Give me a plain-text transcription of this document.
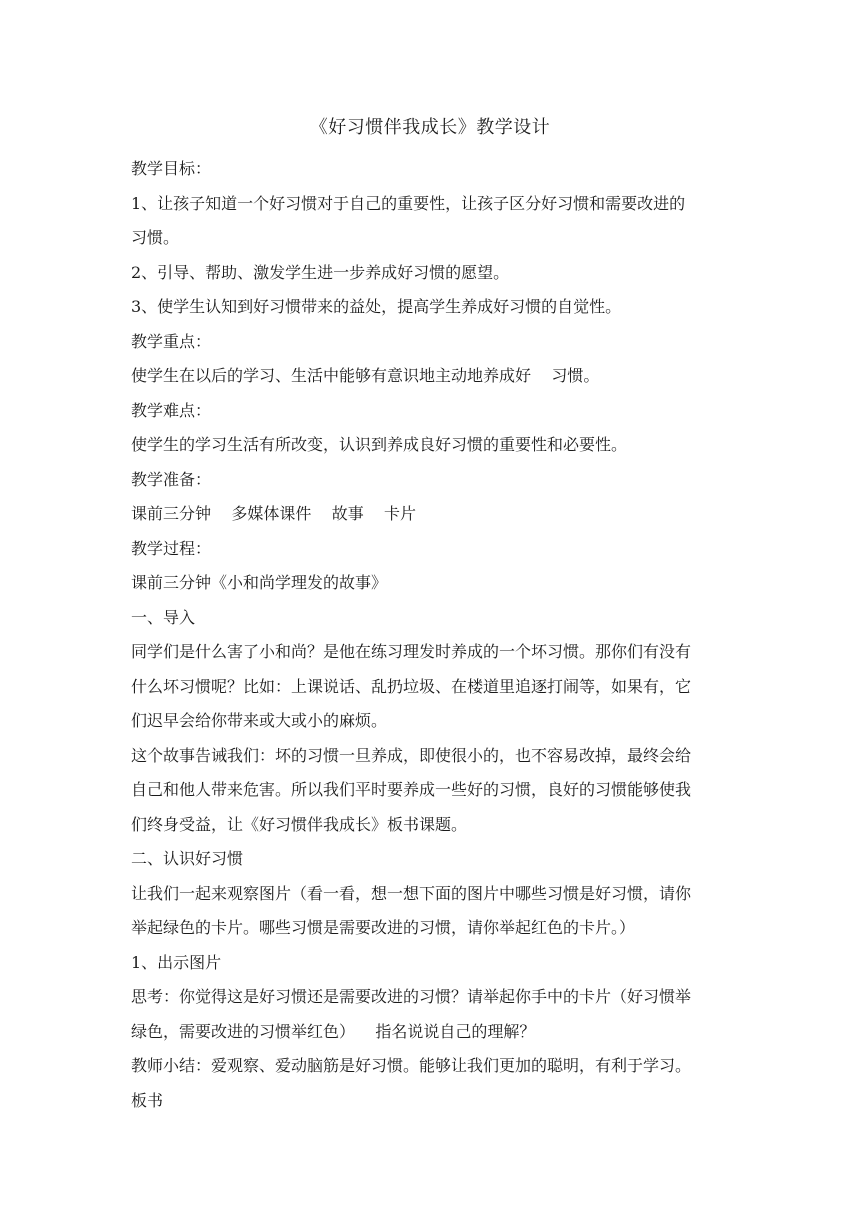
《好习惯伴我成长》教学设计

教学目标：

1、让孩子知道一个好习惯对于自己的重要性，让孩子区分好习惯和需要改进的

习惯。

2、引导、帮助、激发学生进一步养成好习惯的愿望。

3、使学生认知到好习惯带来的益处，提高学生养成好习惯的自觉性。

教学重点：

使学生在以后的学习、生活中能够有意识地主动地养成好    习惯。

教学难点：

使学生的学习生活有所改变，认识到养成良好习惯的重要性和必要性。

教学准备：

课前三分钟    多媒体课件    故事    卡片

教学过程：

课前三分钟《小和尚学理发的故事》

一、导入

同学们是什么害了小和尚？是他在练习理发时养成的一个坏习惯。那你们有没有

什么坏习惯呢？比如：上课说话、乱扔垃圾、在楼道里追逐打闹等，如果有，它

们迟早会给你带来或大或小的麻烦。

这个故事告诫我们：坏的习惯一旦养成，即使很小的，也不容易改掉，最终会给

自己和他人带来危害。所以我们平时要养成一些好的习惯，良好的习惯能够使我

们终身受益，让《好习惯伴我成长》板书课题。

二、认识好习惯

让我们一起来观察图片（看一看，想一想下面的图片中哪些习惯是好习惯，请你

举起绿色的卡片。哪些习惯是需要改进的习惯，请你举起红色的卡片。）

1、出示图片

思考：你觉得这是好习惯还是需要改进的习惯？请举起你手中的卡片（好习惯举

绿色，需要改进的习惯举红色）    指名说说自己的理解？

教师小结：爱观察、爱动脑筋是好习惯。能够让我们更加的聪明，有利于学习。

板书
